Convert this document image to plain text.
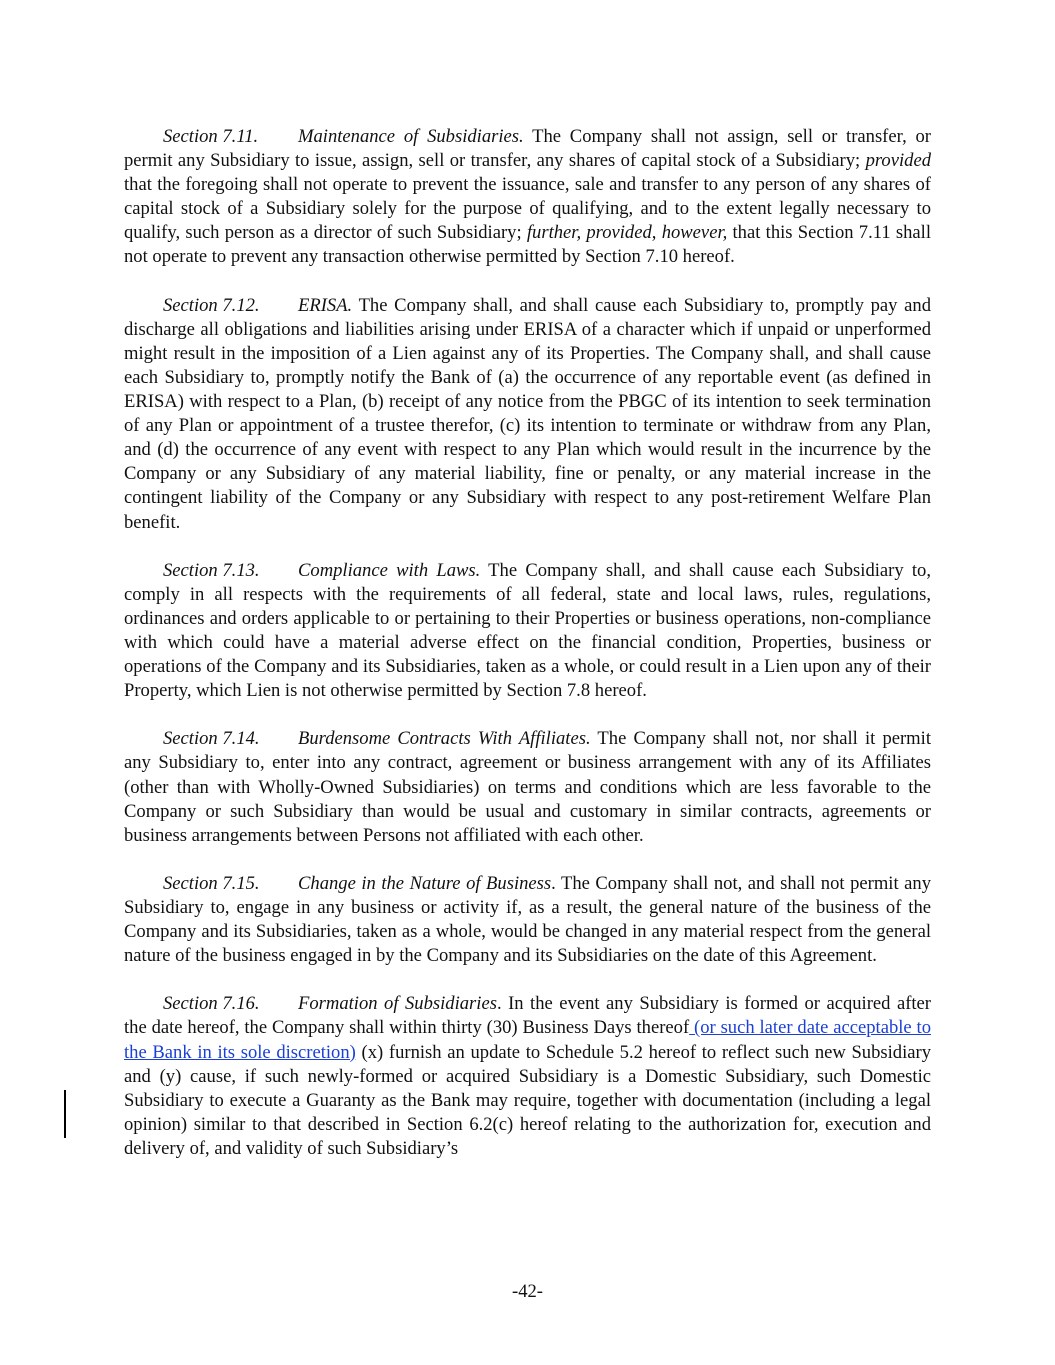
Section 7.11. Maintenance of Subsidiaries. The Company shall not assign, sell or transfer, or permit any Subsidiary to issue, assign, sell or transfer, any shares of capital stock of a Subsidiary; provided that the foregoing shall not operate to prevent the issuance, sale and transfer to any person of any shares of capital stock of a Subsidiary solely for the purpose of qualifying, and to the extent legally necessary to qualify, such person as a director of such Subsidiary; further, provided, however, that this Section 7.11 shall not operate to prevent any transaction otherwise permitted by Section 7.10 hereof.

Section 7.12. ERISA. The Company shall, and shall cause each Subsidiary to, promptly pay and discharge all obligations and liabilities arising under ERISA of a character which if unpaid or unperformed might result in the imposition of a Lien against any of its Properties. The Company shall, and shall cause each Subsidiary to, promptly notify the Bank of (a) the occurrence of any reportable event (as defined in ERISA) with respect to a Plan, (b) receipt of any notice from the PBGC of its intention to seek termination of any Plan or appointment of a trustee therefor, (c) its intention to terminate or withdraw from any Plan, and (d) the occurrence of any event with respect to any Plan which would result in the incurrence by the Company or any Subsidiary of any material liability, fine or penalty, or any material increase in the contingent liability of the Company or any Subsidiary with respect to any post-retirement Welfare Plan benefit.

Section 7.13. Compliance with Laws. The Company shall, and shall cause each Subsidiary to, comply in all respects with the requirements of all federal, state and local laws, rules, regulations, ordinances and orders applicable to or pertaining to their Properties or business operations, non-compliance with which could have a material adverse effect on the financial condition, Properties, business or operations of the Company and its Subsidiaries, taken as a whole, or could result in a Lien upon any of their Property, which Lien is not otherwise permitted by Section 7.8 hereof.

Section 7.14. Burdensome Contracts With Affiliates. The Company shall not, nor shall it permit any Subsidiary to, enter into any contract, agreement or business arrangement with any of its Affiliates (other than with Wholly-Owned Subsidiaries) on terms and conditions which are less favorable to the Company or such Subsidiary than would be usual and customary in similar contracts, agreements or business arrangements between Persons not affiliated with each other.

Section 7.15. Change in the Nature of Business. The Company shall not, and shall not permit any Subsidiary to, engage in any business or activity if, as a result, the general nature of the business of the Company and its Subsidiaries, taken as a whole, would be changed in any material respect from the general nature of the business engaged in by the Company and its Subsidiaries on the date of this Agreement.

Section 7.16. Formation of Subsidiaries. In the event any Subsidiary is formed or acquired after the date hereof, the Company shall within thirty (30) Business Days thereof (or such later date acceptable to the Bank in its sole discretion) (x) furnish an update to Schedule 5.2 hereof to reflect such new Subsidiary and (y) cause, if such newly-formed or acquired Subsidiary is a Domestic Subsidiary, such Domestic Subsidiary to execute a Guaranty as the Bank may require, together with documentation (including a legal opinion) similar to that described in Section 6.2(c) hereof relating to the authorization for, execution and delivery of, and validity of such Subsidiary’s

-42-
